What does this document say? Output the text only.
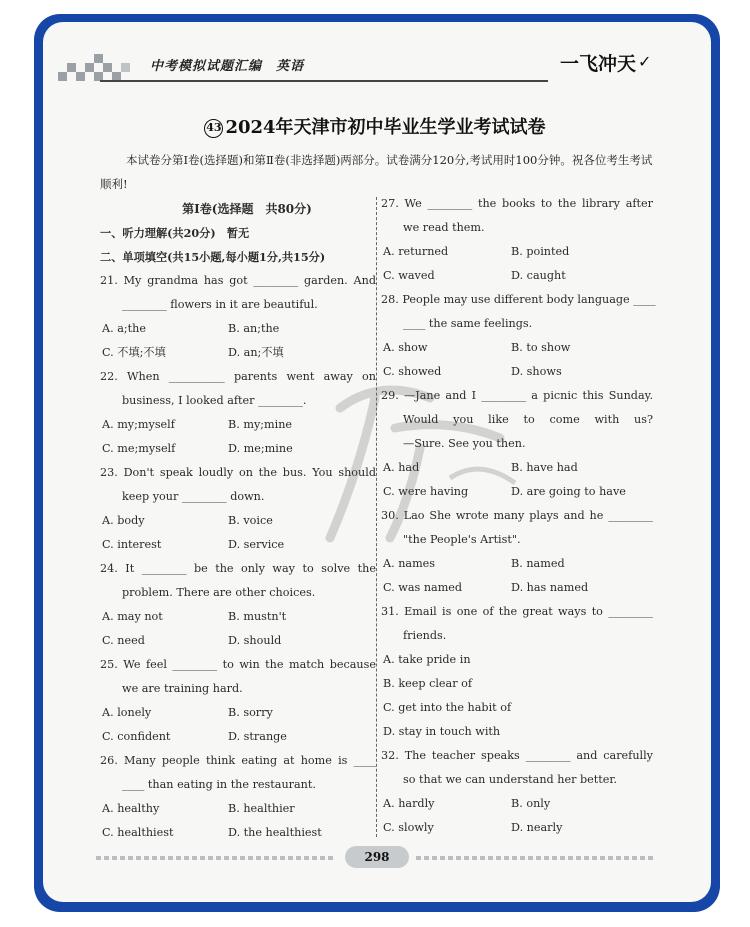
中考模拟试题汇编 英语	一飞冲天 ✓
43 2024年天津市初中毕业生学业考试试卷
本试卷分第Ⅰ卷(选择题)和第Ⅱ卷(非选择题)两部分。试卷满分120分,考试用时100分钟。祝各位考生考试顺利!
第Ⅰ卷(选择题　共80分)
一、听力理解(共20分)　暂无
二、单项填空(共15小题,每小题1分,共15分)
21. My grandma has got ________ garden. And
________ flowers in it are beautiful.
A. a;the	B. an;the
C. 不填;不填	D. an;不填
22. When __________ parents went away on
business, I looked after ________.
A. my;myself	B. my;mine
C. me;myself	D. me;mine
23. Don't speak loudly on the bus. You should
keep your ________ down.
A. body	B. voice
C. interest	D. service
24. It ________ be the only way to solve the
problem. There are other choices.
A. may not	B. mustn't
C. need	D. should
25. We feel ________ to win the match because
we are training hard.
A. lonely	B. sorry
C. confident	D. strange
26. Many people think eating at home is ____
____ than eating in the restaurant.
A. healthy	B. healthier
C. healthiest	D. the healthiest
27. We ________ the books to the library after
we read them.
A. returned	B. pointed
C. waved	D. caught
28. People may use different body language ____
____ the same feelings.
A. show	B. to show
C. showed	D. shows
29. —Jane and I ________ a picnic this Sunday.
Would you like to come with us?
—Sure. See you then.
A. had	B. have had
C. were having	D. are going to have
30. Lao She wrote many plays and he ________
"the People's Artist".
A. names	B. named
C. was named	D. has named
31. Email is one of the great ways to ________
friends.
A. take pride in
B. keep clear of
C. get into the habit of
D. stay in touch with
32. The teacher speaks ________ and carefully
so that we can understand her better.
A. hardly	B. only
C. slowly	D. nearly
298
